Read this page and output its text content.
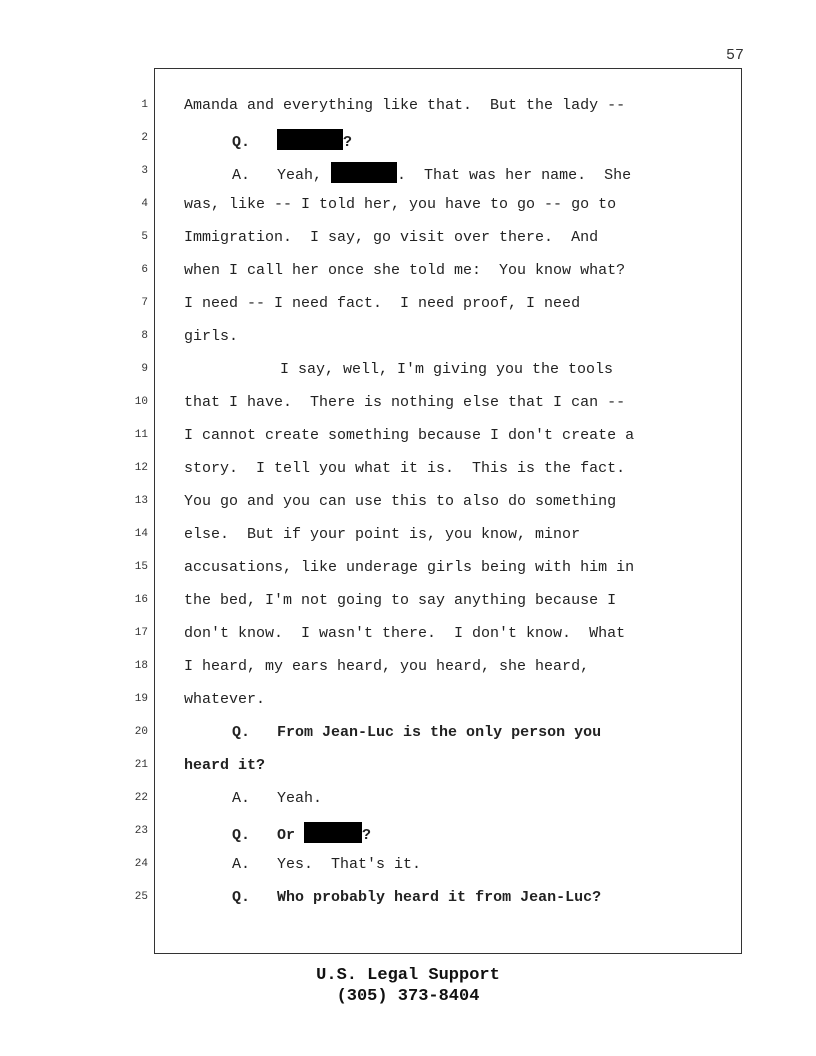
57
1
2
3
4
5
6
7
8
9
10
11
12
13
14
15
16
17
18
19
20
21
22
23
24
25
Amanda and everything like that.  But the lady --
Q.	?
A. Yeah,	.  That was her name.  She
was, like -- I told her, you have to go -- go to
Immigration.  I say, go visit over there.  And
when I call her once she told me:  You know what?
I need -- I need fact.  I need proof, I need
girls.
I say, well, I'm giving you the tools
that I have.  There is nothing else that I can --
I cannot create something because I don't create a
story.  I tell you what it is.  This is the fact.
You go and you can use this to also do something
else.  But if your point is, you know, minor
accusations, like underage girls being with him in
the bed, I'm not going to say anything because I
don't know.  I wasn't there.  I don't know.  What
I heard, my ears heard, you heard, she heard,
whatever.
Q. From Jean-Luc is the only person you
heard it?
A. Yeah.
Q. Or	?
A. Yes.  That's it.
Q. Who probably heard it from Jean-Luc?
U.S. Legal Support
(305) 373-8404
